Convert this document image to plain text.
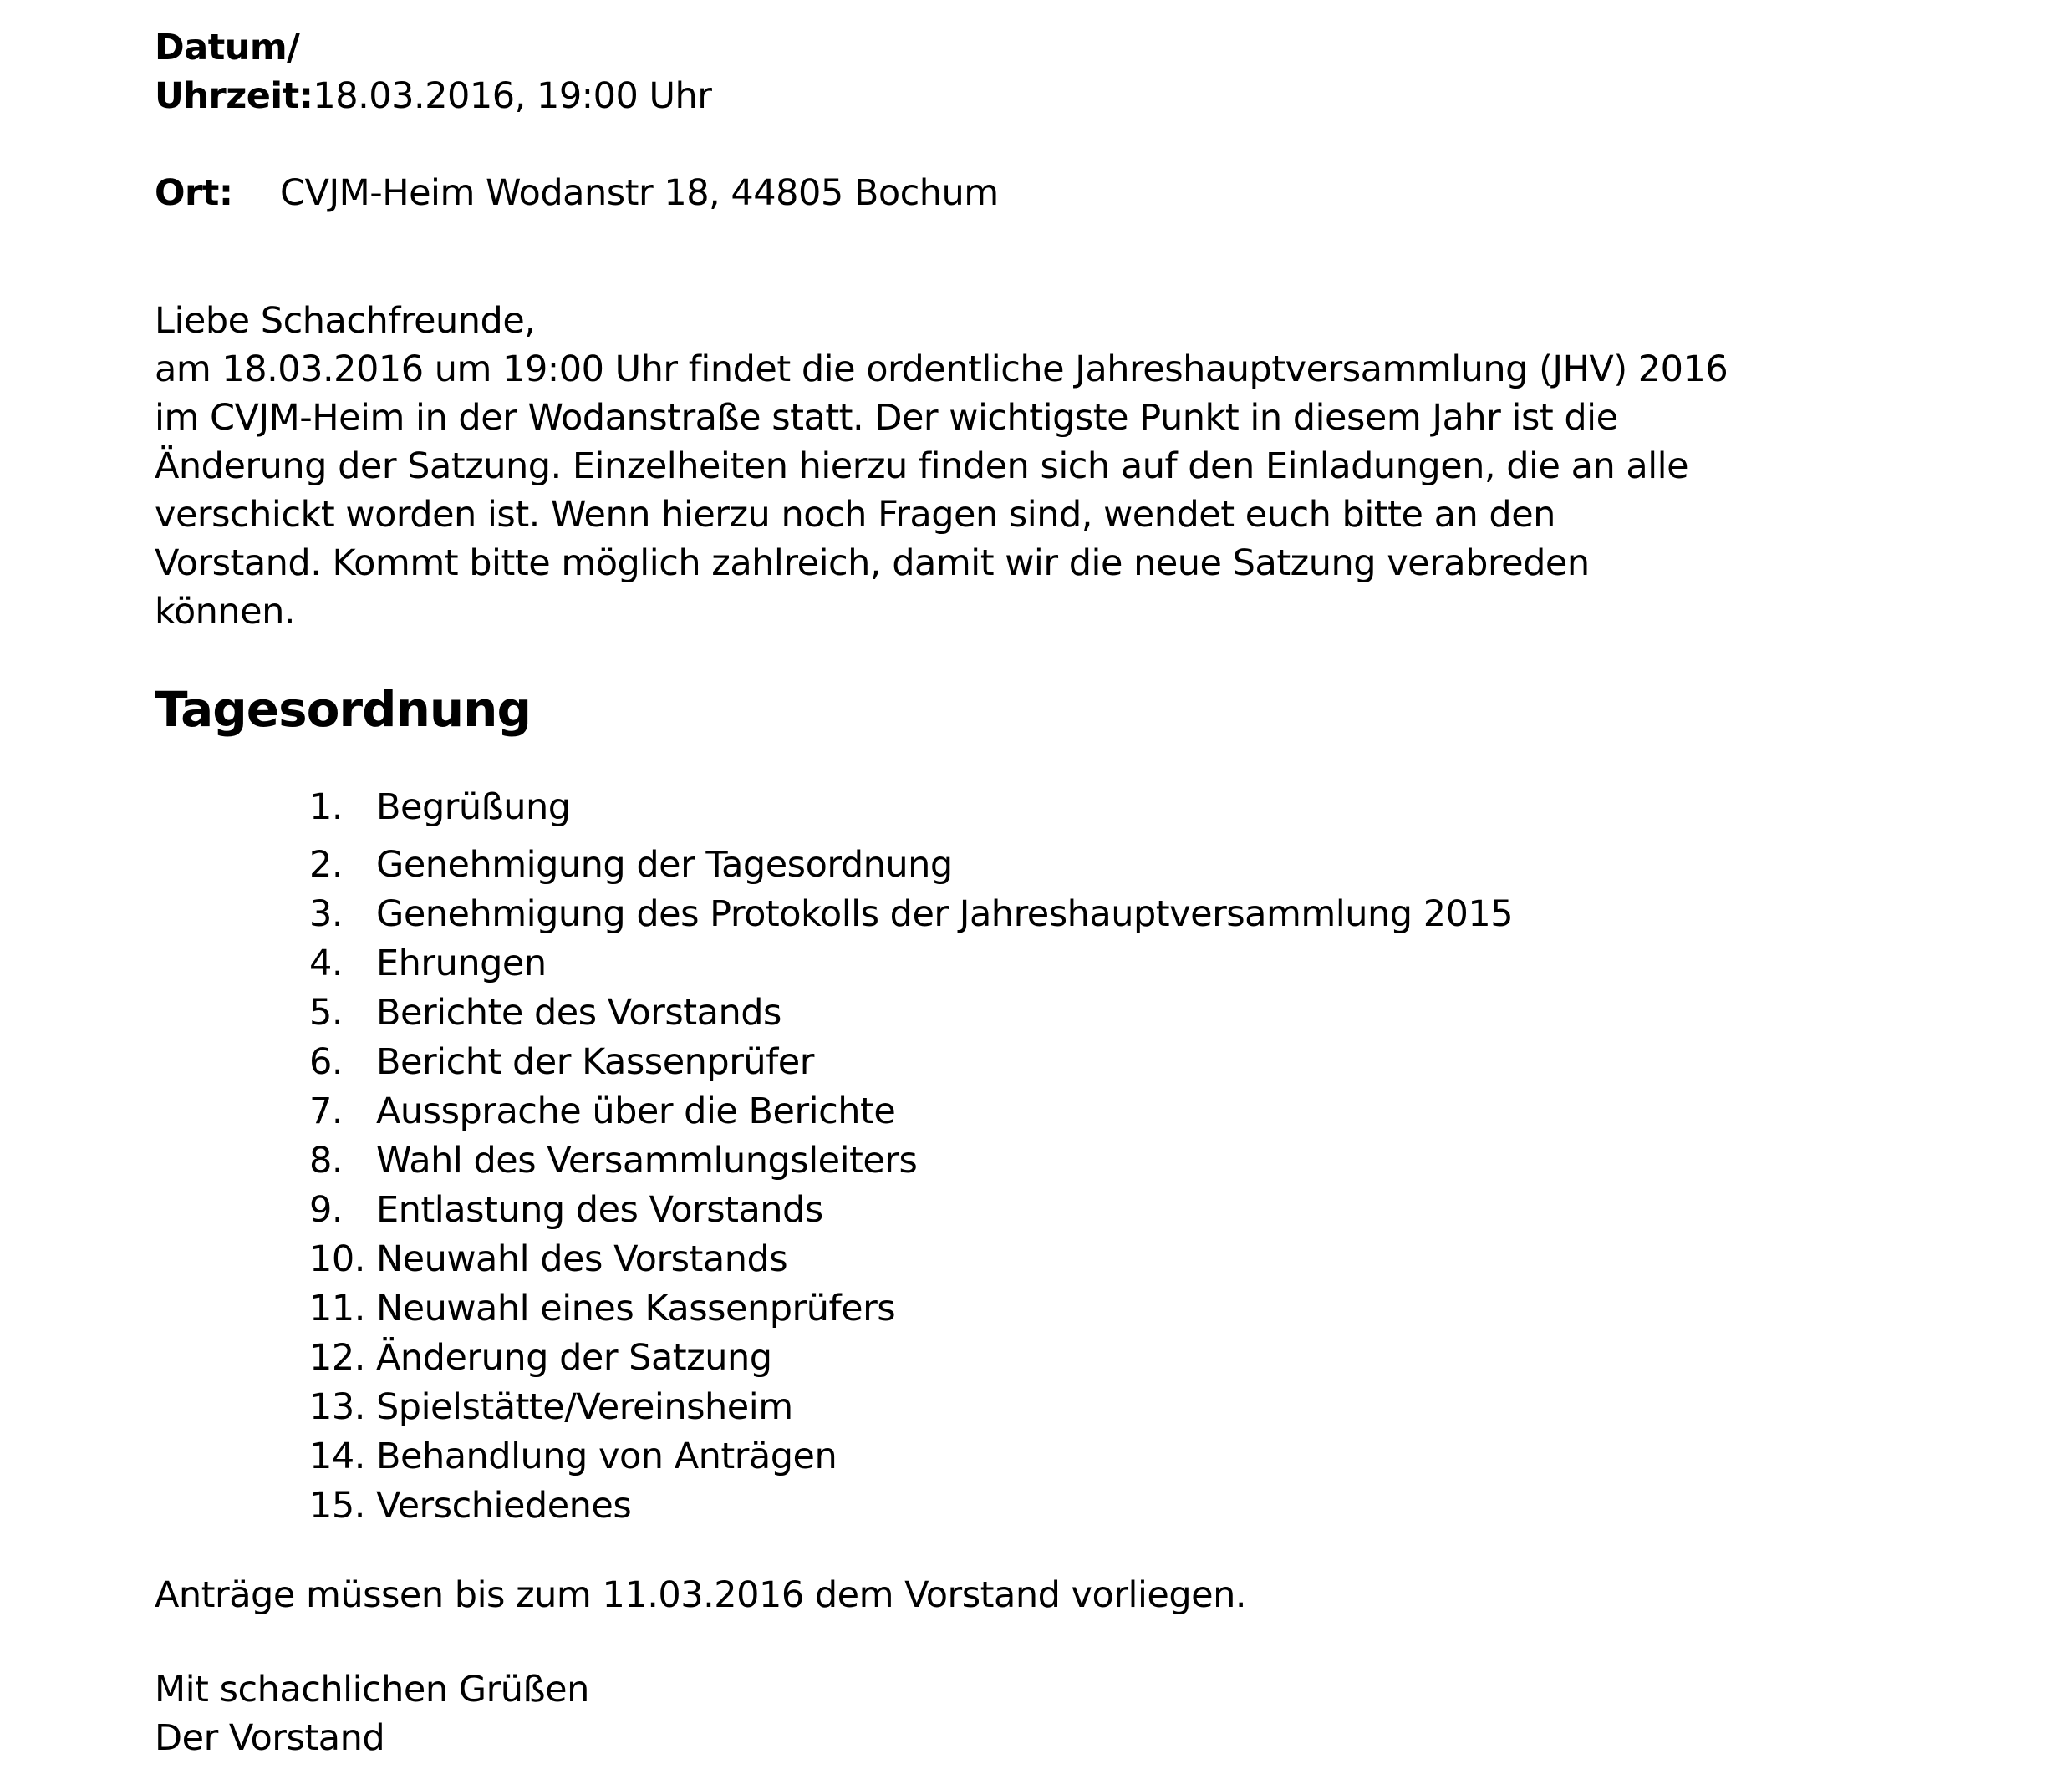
Datum/
Uhrzeit:18.03.2016, 19:00 Uhr
Ort: CVJM-Heim Wodanstr 18, 44805 Bochum
Liebe Schachfreunde,
am 18.03.2016 um 19:00 Uhr findet die ordentliche Jahreshauptversammlung (JHV) 2016
im CVJM-Heim in der Wodanstraße statt. Der wichtigste Punkt in diesem Jahr ist die
Änderung der Satzung. Einzelheiten hierzu finden sich auf den Einladungen, die an alle
verschickt worden ist. Wenn hierzu noch Fragen sind, wendet euch bitte an den
Vorstand. Kommt bitte möglich zahlreich, damit wir die neue Satzung verabreden
können.
Tagesordnung
1. Begrüßung
2. Genehmigung der Tagesordnung
3. Genehmigung des Protokolls der Jahreshauptversammlung 2015
4. Ehrungen
5. Berichte des Vorstands
6. Bericht der Kassenprüfer
7. Aussprache über die Berichte
8. Wahl des Versammlungsleiters
9. Entlastung des Vorstands
10. Neuwahl des Vorstands
11. Neuwahl eines Kassenprüfers
12. Änderung der Satzung
13. Spielstätte/Vereinsheim
14. Behandlung von Anträgen
15. Verschiedenes
Anträge müssen bis zum 11.03.2016 dem Vorstand vorliegen.
Mit schachlichen Grüßen
Der Vorstand
